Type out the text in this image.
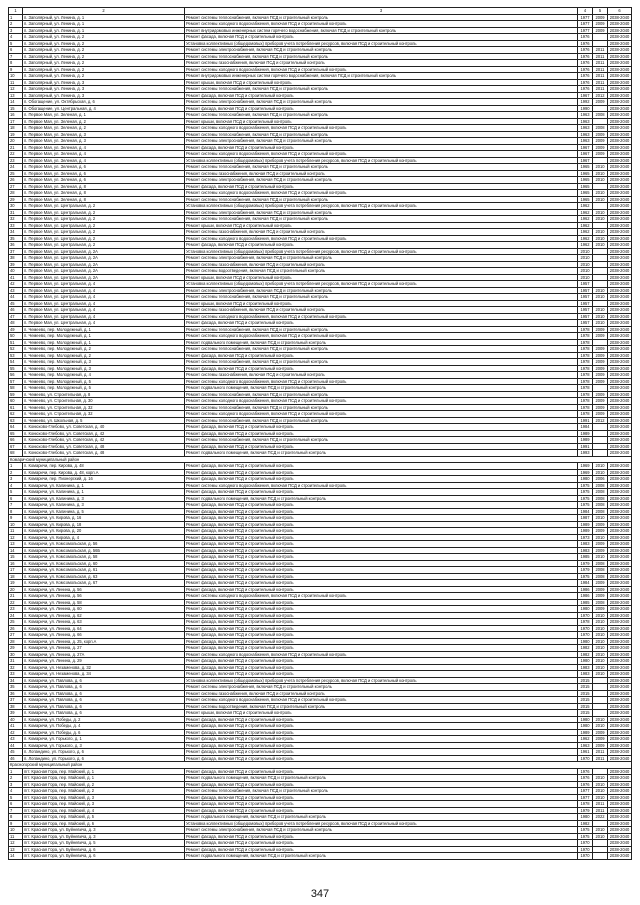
1	2	3	4	5	6
1	п. Заполярный, ул. Ленина, д. 1	Ремонт системы теплоснабжения, включая ПСД и строительный контроль	1977	2009	2038-2040
2	п. Заполярный, ул. Ленина, д. 1	Ремонт системы холодного водоснабжения, включая ПСД и строительный контроль	1977	2009	2038-2040
3	п. Заполярный, ул. Ленина, д. 1	Ремонт внутридомовых инженерных систем горячего водоснабжения, включая ПСД и строительный контроль	1977	2009	2038-2040
4	п. Заполярный, ул. Ленина, д. 2	Ремонт фасада, включая ПСД и строительный контроль	1976		2038-2040
5	п. Заполярный, ул. Ленина, д. 2	Установка коллективных (общедомовых) приборов учета потребления ресурсов, включая ПСД и строительный контроль	1976		2038-2040
6	п. Заполярный, ул. Ленина, д. 2	Ремонт системы электроснабжения, включая ПСД и строительный контроль	1976	2011	2038-2040
7	п. Заполярный, ул. Ленина, д. 2	Ремонт системы теплоснабжения, включая ПСД и строительный контроль	1976	2011	2038-2040
8	п. Заполярный, ул. Ленина, д. 2	Ремонт системы газоснабжения, включая ПСД и строительный контроль	1976	2011	2038-2040
9	п. Заполярный, ул. Ленина, д. 2	Ремонт системы холодного водоснабжения, включая ПСД и строительный контроль	1976	2011	2038-2040
10	п. Заполярный, ул. Ленина, д. 2	Ремонт внутридомовых инженерных систем горячего водоснабжения, включая ПСД и строительный контроль	1976	2011	2038-2040
11	п. Заполярный, ул. Ленина, д. 3	Ремонт крыши, включая ПСД и строительный контроль	1976	2011	2038-2040
12	п. Заполярный, ул. Ленина, д. 3	Ремонт системы теплоснабжения, включая ПСД и строительный контроль	1976	2011	2038-2040
13	п. Заполярный, ул. Ленина, д. 3	Ремонт фасада, включая ПСД и строительный контроль	1967	2012	2038-2040
14	п. Обогащение, ул. Октябрьская, д. 6	Ремонт системы электроснабжения, включая ПСД и строительный контроль	1992	2009	2038-2040
15	п. Обогащение, ул. Центральная, д. 4	Ремонт фасада, включая ПСД и строительный контроль	1990		2038-2040
16	п. Первое Мая, ул. Зеленая, д. 1	Ремонт системы теплоснабжения, включая ПСД и строительный контроль	1963	2008	2038-2040
17	п. Первое Мая, ул. Зеленая, д. 2	Ремонт крыши, включая ПСД и строительный контроль	1963		2038-2040
18	п. Первое Мая, ул. Зеленая, д. 2	Ремонт системы холодного водоснабжения, включая ПСД и строительный контроль	1963	2008	2038-2040
19	п. Первое Мая, ул. Зеленая, д. 3	Ремонт системы теплоснабжения, включая ПСД и строительный контроль	1963	2009	2038-2040
20	п. Первое Мая, ул. Зеленая, д. 3	Ремонт системы электроснабжения, включая ПСД и строительный контроль	1963	2009	2038-2040
21	п. Первое Мая, ул. Зеленая, д. 4	Ремонт фасада, включая ПСД и строительный контроль	1967	2009	2038-2040
22	п. Первое Мая, ул. Зеленая, д. 4	Ремонт системы холодного водоснабжения, включая ПСД и строительный контроль	1967	2009	2038-2040
23	п. Первое Мая, ул. Зеленая, д. 4	Установка коллективных (общедомовых) приборов учета потребления ресурсов, включая ПСД и строительный контроль	1967		2038-2040
24	п. Первое Мая, ул. Зеленая, д. 6	Ремонт системы теплоснабжения, включая ПСД и строительный контроль	1965	2010	2038-2040
25	п. Первое Мая, ул. Зеленая, д. 6	Ремонт системы газоснабжения, включая ПСД и строительный контроль	1965	2010	2038-2040
26	п. Первое Мая, ул. Зеленая, д. 6	Ремонт системы электроснабжения, включая ПСД и строительный контроль	1965	2010	2038-2040
27	п. Первое Мая, ул. Зеленая, д. 8	Ремонт фасада, включая ПСД и строительный контроль	1965		2038-2040
28	п. Первое Мая, ул. Зеленая, д. 8	Ремонт системы холодного водоснабжения, включая ПСД и строительный контроль	1965	2010	2038-2040
29	п. Первое Мая, ул. Зеленая, д. 8	Ремонт системы теплоснабжения, включая ПСД и строительный контроль	1965	2010	2038-2040
30	п. Первое Мая, ул. Центральная, д. 2	Установка коллективных (общедомовых) приборов учета потребления ресурсов, включая ПСД и строительный контроль	1962		2038-2040
31	п. Первое Мая, ул. Центральная, д. 2	Ремонт системы электроснабжения, включая ПСД и строительный контроль	1962	2010	2038-2040
32	п. Первое Мая, ул. Центральная, д. 2	Ремонт системы теплоснабжения, включая ПСД и строительный контроль	1962	2010	2038-2040
33	п. Первое Мая, ул. Центральная, д. 2	Ремонт крыши, включая ПСД и строительный контроль	1962		2038-2040
34	п. Первое Мая, ул. Центральная, д. 2	Ремонт системы газоснабжения, включая ПСД и строительный контроль	1962	2010	2038-2040
35	п. Первое Мая, ул. Центральная, д. 2	Ремонт системы холодного водоснабжения, включая ПСД и строительный контроль	1962	2010	2038-2040
36	п. Первое Мая, ул. Центральная, д. 2	Ремонт фасада, включая ПСД и строительный контроль	1962	2010	2038-2040
37	п. Первое Мая, ул. Центральная, д. 2А	Установка коллективных (общедомовых) приборов учета потребления ресурсов, включая ПСД и строительный контроль	2010		2038-2040
38	п. Первое Мая, ул. Центральная, д. 2А	Ремонт системы электроснабжения, включая ПСД и строительный контроль	2010		2038-2040
39	п. Первое Мая, ул. Центральная, д. 2А	Ремонт системы газоснабжения, включая ПСД и строительный контроль	2010		2038-2040
40	п. Первое Мая, ул. Центральная, д. 2А	Ремонт системы водоотведения, включая ПСД и строительный контроль	2010		2038-2040
41	п. Первое Мая, ул. Центральная, д. 2А	Ремонт крыши, включая ПСД и строительный контроль	2010		2038-2040
42	п. Первое Мая, ул. Центральная, д. 4	Установка коллективных (общедомовых) приборов учета потребления ресурсов, включая ПСД и строительный контроль	1957		2038-2040
43	п. Первое Мая, ул. Центральная, д. 4	Ремонт системы электроснабжения, включая ПСД и строительный контроль	1957	2010	2038-2040
44	п. Первое Мая, ул. Центральная, д. 4	Ремонт системы теплоснабжения, включая ПСД и строительный контроль	1957	2010	2038-2040
45	п. Первое Мая, ул. Центральная, д. 4	Ремонт крыши, включая ПСД и строительный контроль	1957		2038-2040
46	п. Первое Мая, ул. Центральная, д. 4	Ремонт системы газоснабжения, включая ПСД и строительный контроль	1957	2010	2038-2040
47	п. Первое Мая, ул. Центральная, д. 4	Ремонт системы холодного водоснабжения, включая ПСД и строительный контроль	1957	2010	2038-2040
48	п. Первое Мая, ул. Центральная, д. 4	Ремонт фасада, включая ПСД и строительный контроль	1957	2010	2038-2040
49	п. Чемеево, пер. Молодежный, д. 1	Ремонт системы теплоснабжения, включая ПСД и строительный контроль	1978	2009	2038-2040
50	п. Чемеево, пер. Молодежный, д. 1	Ремонт системы холодного водоснабжения, включая ПСД и строительный контроль	1978	2009	2038-2040
51	п. Чемеево, пер. Молодежный, д. 1	Ремонт подвального помещения, включая ПСД и строительный контроль	1978		2038-2040
52	п. Чемеево, пер. Молодежный, д. 2	Ремонт системы теплоснабжения, включая ПСД и строительный контроль	1978	2009	2038-2040
53	п. Чемеево, пер. Молодежный, д. 2	Ремонт фасада, включая ПСД и строительный контроль	1978	2009	2038-2040
54	п. Чемеево, пер. Молодежный, д. 3	Ремонт системы теплоснабжения, включая ПСД и строительный контроль	1978	2009	2038-2040
55	п. Чемеево, пер. Молодежный, д. 3	Ремонт фасада, включая ПСД и строительный контроль	1978	2009	2038-2040
56	п. Чемеево, пер. Молодежный, д. 4	Ремонт системы газоснабжения, включая ПСД и строительный контроль	1978	2009	2038-2040
57	п. Чемеево, пер. Молодежный, д. 5	Ремонт системы холодного водоснабжения, включая ПСД и строительный контроль	1978	2009	2038-2040
58	п. Чемеево, пер. Молодежный, д. 5	Ремонт подвального помещения, включая ПСД и строительный контроль	1978		2038-2040
59	п. Чемеево, ул. Строительная, д. 8	Ремонт системы теплоснабжения, включая ПСД и строительный контроль	1978	2009	2038-2040
60	п. Чемеево, ул. Строительная, д. 30	Ремонт системы холодного водоснабжения, включая ПСД и строительный контроль	1978	2009	2038-2040
61	п. Чемеево, ул. Строительная, д. 32	Ремонт системы теплоснабжения, включая ПСД и строительный контроль	1978	2009	2038-2040
62	п. Чемеево, ул. Строительная, д. 32	Ремонт системы холодного водоснабжения, включая ПСД и строительный контроль	1978	2009	2038-2040
63	п. Чемеево, ул. Школьная, д. 5	Ремонт системы теплоснабжения, включая ПСД и строительный контроль	1991	2012	2038-2040
64	п. Конюхово-Глебово, ул. Советская, д. 40	Ремонт фасада, включая ПСД и строительный контроль	1984		2038-2040
65	п. Конюхово-Глебово, ул. Советская, д. 42	Ремонт фасада, включая ПСД и строительный контроль	1989		2038-2040
66	п. Конюхово-Глебово, ул. Советская, д. 42	Ремонт системы теплоснабжения, включая ПСД и строительный контроль	1989		2038-2040
67	п. Конюхово-Глебово, ул. Советская, д. 48	Ремонт фасада, включая ПСД и строительный контроль	1991		2038-2040
68	п. Конюхово-Глебово, ул. Советская, д. 48	Ремонт подвального помещения, включая ПСД и строительный контроль	1993		2038-2040
Комаричский муниципальный район					
1	п. Комаричи, пер. Кирова, д. 48	Ремонт фасада, включая ПСД и строительный контроль	1969	2010	2038-2040
2	п. Комаричи, пер. Кирова, д. 48, корп.А	Ремонт фасада, включая ПСД и строительный контроль	1969	2010	2038-2040
3	п. Комаричи, пер. Пионерский, д. 16	Ремонт фасада, включая ПСД и строительный контроль	1980	2006	2038-2040
4	п. Комаричи, ул. Калинина, д. 1	Ремонт системы холодного водоснабжения, включая ПСД и строительный контроль	1975	2008	2038-2040
5	п. Комаричи, ул. Калинина, д. 1	Ремонт фасада, включая ПСД и строительный контроль	1975	2008	2038-2040
6	п. Комаричи, ул. Калинина, д. 3	Ремонт подвального помещения, включая ПСД и строительный контроль	1975	2008	2038-2040
7	п. Комаричи, ул. Калинина, д. 3	Ремонт фасада, включая ПСД и строительный контроль	1975	2008	2038-2040
8	п. Комаричи, ул. Калинина, д. 5	Ремонт фасада, включая ПСД и строительный контроль	1984	2008	2038-2040
9	п. Комаричи, ул. Кирова, д. 16	Ремонт фасада, включая ПСД и строительный контроль	1987	2010	2038-2040
10	п. Комаричи, ул. Кирова, д. 18	Ремонт фасада, включая ПСД и строительный контроль	1989	2009	2038-2040
11	п. Комаричи, ул. Кирова, д. 20	Ремонт фасада, включая ПСД и строительный контроль	1989	2009	2038-2040
12	п. Комаричи, ул. Кирова, д. 4	Ремонт фасада, включая ПСД и строительный контроль	1973	2010	2038-2040
13	п. Комаричи, ул. Комсомольская, д. 56	Ремонт фасада, включая ПСД и строительный контроль	1983	2009	2038-2040
14	п. Комаричи, ул. Комсомольская, д. 56Б	Ремонт фасада, включая ПСД и строительный контроль	1983	2009	2038-2040
15	п. Комаричи, ул. Комсомольская, д. 58	Ремонт фасада, включая ПСД и строительный контроль	1985	2010	2038-2040
16	п. Комаричи, ул. Комсомольская, д. 60	Ремонт фасада, включая ПСД и строительный контроль	1979	2008	2038-2040
17	п. Комаричи, ул. Комсомольская, д. 61	Ремонт фасада, включая ПСД и строительный контроль	1979	2008	2038-2040
18	п. Комаричи, ул. Комсомольская, д. 63	Ремонт фасада, включая ПСД и строительный контроль	1975	2008	2038-2040
19	п. Комаричи, ул. Комсомольская, д. 67	Ремонт фасада, включая ПСД и строительный контроль	1984	2009	2038-2040
20	п. Комаричи, ул. Ленина, д. 56	Ремонт фасада, включая ПСД и строительный контроль	1986	2009	2038-2040
21	п. Комаричи, ул. Ленина, д. 56	Ремонт системы холодного водоснабжения, включая ПСД и строительный контроль	1986	2009	2038-2040
22	п. Комаричи, ул. Ленина, д. 58	Ремонт фасада, включая ПСД и строительный контроль	1985	2008	2038-2040
23	п. Комаричи, ул. Ленина, д. 60	Ремонт фасада, включая ПСД и строительный контроль	1980	2009	2038-2040
24	п. Комаричи, ул. Ленина, д. 62	Ремонт фасада, включая ПСД и строительный контроль	1970	2010	2038-2040
25	п. Комаричи, ул. Ленина, д. 63	Ремонт фасада, включая ПСД и строительный контроль	1978	2010	2038-2040
26	п. Комаричи, ул. Ленина, д. 64	Ремонт фасада, включая ПСД и строительный контроль	1970	2010	2038-2040
27	п. Комаричи, ул. Ленина, д. 66	Ремонт фасада, включая ПСД и строительный контроль	1970	2010	2038-2040
28	п. Комаричи, ул. Ленина, д. 25, корп.А	Ремонт фасада, включая ПСД и строительный контроль	1980	2010	2038-2040
29	п. Комаричи, ул. Ленина, д. 27	Ремонт фасада, включая ПСД и строительный контроль	1982	2010	2038-2040
30	п. Комаричи, ул. Ленина, д. 27А	Ремонт системы холодного водоснабжения, включая ПСД и строительный контроль	1982	2010	2038-2040
31	п. Комаричи, ул. Ленина, д. 29	Ремонт фасада, включая ПСД и строительный контроль	1980	2010	2038-2040
32	п. Комаричи, ул. Незаменова, д. 32	Ремонт фасада, включая ПСД и строительный контроль	1983	2010	2038-2040
33	п. Комаричи, ул. Незаменова, д. 34	Ремонт фасада, включая ПСД и строительный контроль	1983	2010	2038-2040
34	п. Комаричи, ул. Павлова, д. 6	Установка коллективных (общедомовых) приборов учета потребления ресурсов, включая ПСД и строительный контроль	2015		2038-2040
35	п. Комаричи, ул. Павлова, д. 6	Ремонт системы электроснабжения, включая ПСД и строительный контроль	2015		2038-2040
36	п. Комаричи, ул. Павлова, д. 6	Ремонт системы газоснабжения, включая ПСД и строительный контроль	2015		2038-2040
37	п. Комаричи, ул. Павлова, д. 6	Ремонт системы холодного водоснабжения, включая ПСД и строительный контроль	2015		2038-2040
38	п. Комаричи, ул. Павлова, д. 6	Ремонт системы водоотведения, включая ПСД и строительный контроль	2015		2038-2040
39	п. Комаричи, ул. Павлова, д. 6	Ремонт крыши, включая ПСД и строительный контроль	2015		2038-2040
40	п. Комаричи, ул. Победы, д. 2	Ремонт фасада, включая ПСД и строительный контроль	1980	2010	2038-2040
41	п. Комаричи, ул. Победы, д. 4	Ремонт фасада, включая ПСД и строительный контроль	1980	2010	2038-2040
42	п. Комаричи, ул. Победы, д. 6	Ремонт фасада, включая ПСД и строительный контроль	1989	2009	2038-2040
43	п. Комаричи, ул. Горького, д. 1	Ремонт фасада, включая ПСД и строительный контроль	1962	2009	2038-2040
44	п. Комаричи, ул. Горького, д. 3	Ремонт фасада, включая ПСД и строительный контроль	1963	2009	2038-2040
45	п. Лопандино, ул. Горького, д. 6	Ремонт фасада, включая ПСД и строительный контроль	1961	2011	2038-2040
46	п. Лопандино, ул. Горького, д. 6	Ремонт фасада, включая ПСД и строительный контроль	1970	2011	2038-2040
Красногорский муниципальный район					
1	пгт. Красная Гора, пер. Майский, д. 1	Ремонт фасада, включая ПСД и строительный контроль	1976		2038-2040
2	пгт. Красная Гора, пер. Майский, д. 1	Ремонт подвального помещения, включая ПСД и строительный контроль	1976	2010	2038-2040
3	пгт. Красная Гора, пер. Майский, д. 2	Ремонт фасада, включая ПСД и строительный контроль	1976	2010	2038-2040
4	пгт. Красная Гора, пер. Майский, д. 2	Ремонт системы теплоснабжения, включая ПСД и строительный контроль	1977	2010	2038-2040
5	пгт. Красная Гора, пер. Майский, д. 3	Ремонт фасада, включая ПСД и строительный контроль	1977	2010	2038-2040
6	пгт. Красная Гора, пер. Майский, д. 3	Ремонт фасада, включая ПСД и строительный контроль	1978	2011	2038-2040
7	пгт. Красная Гора, пер. Майский, д. 4	Ремонт фасада, включая ПСД и строительный контроль	1979	2011	2038-2040
8	пгт. Красная Гора, пер. Майский, д. 5	Ремонт подвального помещения, включая ПСД и строительный контроль	1980	2022	2038-2040
9	пгт. Красная Гора, пер. Майский, д. 6	Установка коллективных (общедомовых) приборов учета потребления ресурсов, включая ПСД и строительный контроль	1982		2038-2040
10	пгт. Красная Гора, ул. Буйневича, д. 3	Ремонт системы электроснабжения, включая ПСД и строительный контроль	1975	2010	2038-2040
11	пгт. Красная Гора, ул. Буйневича, д. 3	Ремонт фасада, включая ПСД и строительный контроль	1975	2010	2038-2040
12	пгт. Красная Гора, ул. Буйневича, д. 5	Ремонт фасада, включая ПСД и строительный контроль	1970		2038-2040
13	пгт. Красная Гора, ул. Буйневича, д. 6	Ремонт фасада, включая ПСД и строительный контроль	1970		2038-2040
14	пгт. Красная Гора, ул. Буйневича, д. 6	Ремонт подвального помещения, включая ПСД и строительный контроль	1970		2038-2040
347
